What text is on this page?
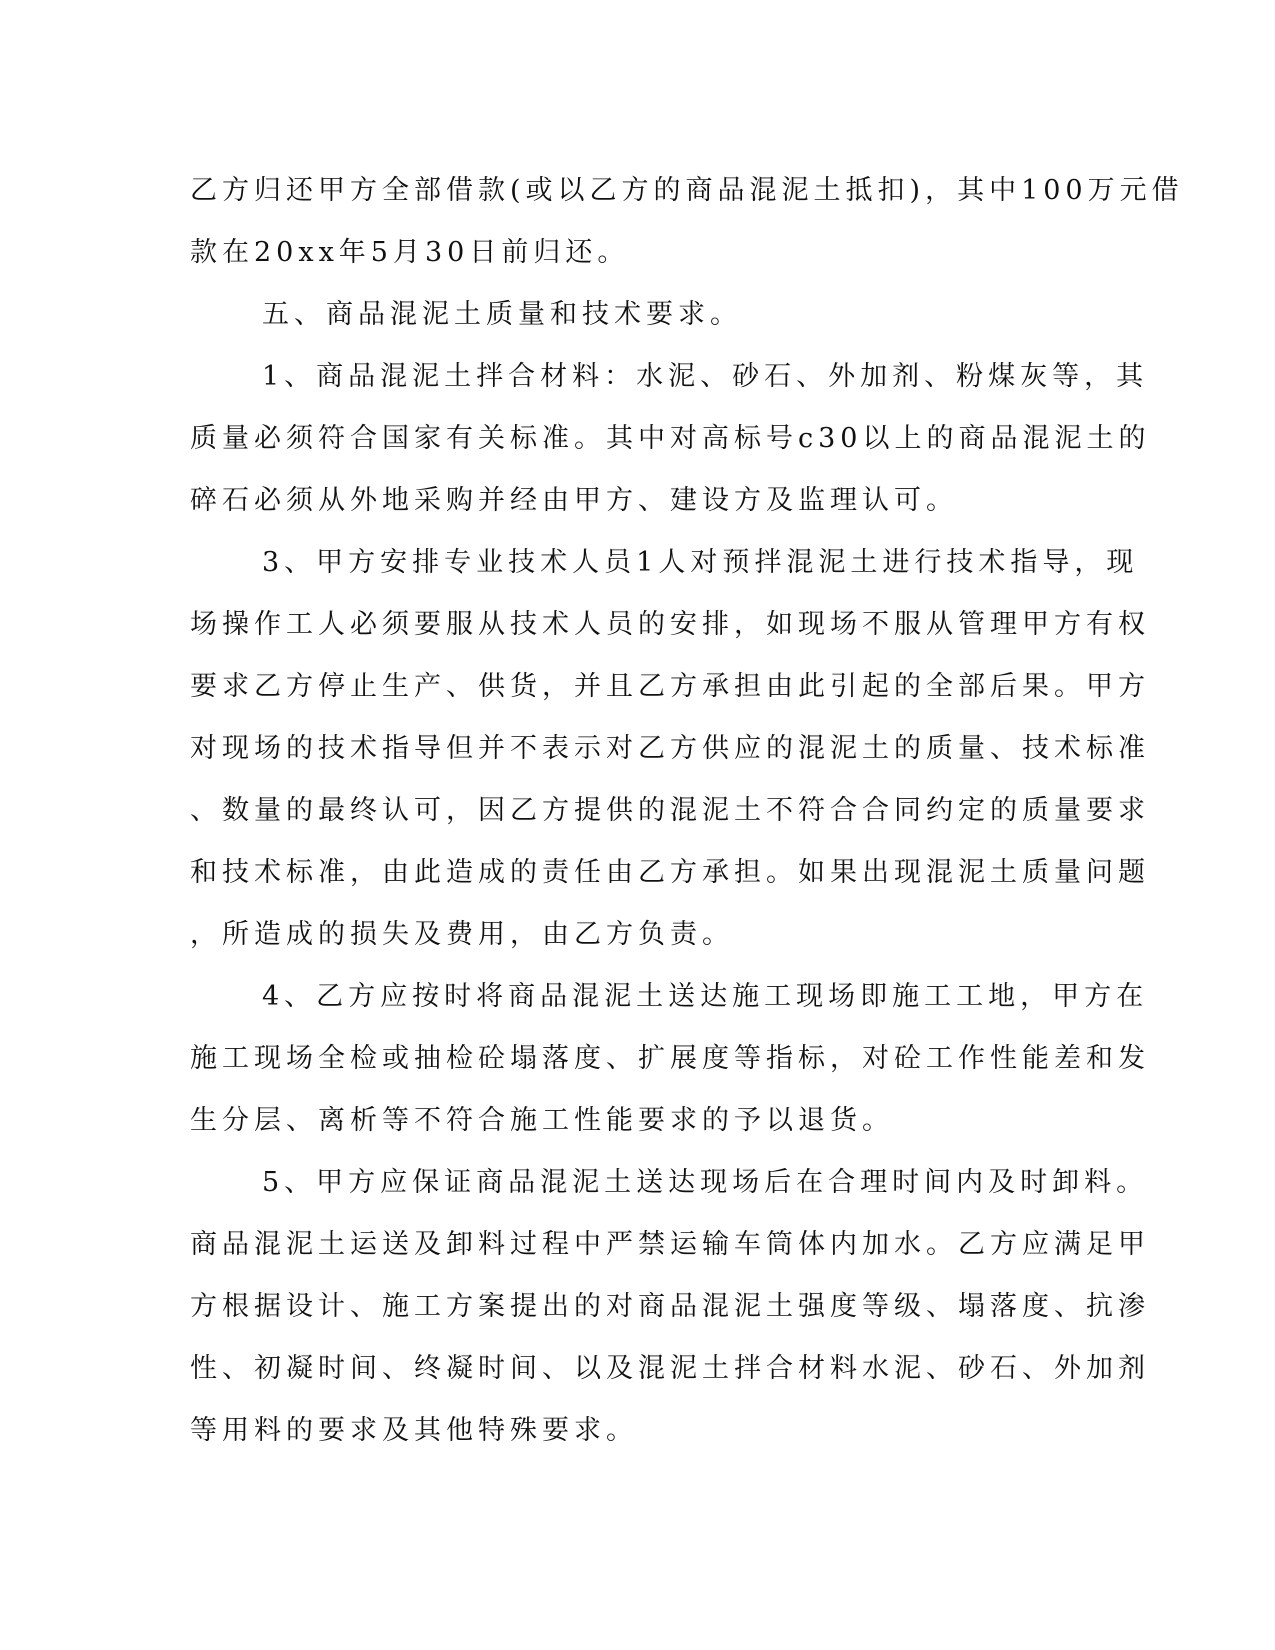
乙方归还甲方全部借款(或以乙方的商品混泥土抵扣)，其中100万元借
款在20xx年5月30日前归还。
五、商品混泥土质量和技术要求。
1、商品混泥土拌合材料：水泥、砂石、外加剂、粉煤灰等，其
质量必须符合国家有关标准。其中对高标号c30以上的商品混泥土的
碎石必须从外地采购并经由甲方、建设方及监理认可。
3、甲方安排专业技术人员1人对预拌混泥土进行技术指导，现
场操作工人必须要服从技术人员的安排，如现场不服从管理甲方有权
要求乙方停止生产、供货，并且乙方承担由此引起的全部后果。甲方
对现场的技术指导但并不表示对乙方供应的混泥土的质量、技术标准
、数量的最终认可，因乙方提供的混泥土不符合合同约定的质量要求
和技术标准，由此造成的责任由乙方承担。如果出现混泥土质量问题
，所造成的损失及费用，由乙方负责。
4、乙方应按时将商品混泥土送达施工现场即施工工地，甲方在
施工现场全检或抽检砼塌落度、扩展度等指标，对砼工作性能差和发
生分层、离析等不符合施工性能要求的予以退货。
5、甲方应保证商品混泥土送达现场后在合理时间内及时卸料。
商品混泥土运送及卸料过程中严禁运输车筒体内加水。乙方应满足甲
方根据设计、施工方案提出的对商品混泥土强度等级、塌落度、抗渗
性、初凝时间、终凝时间、以及混泥土拌合材料水泥、砂石、外加剂
等用料的要求及其他特殊要求。
